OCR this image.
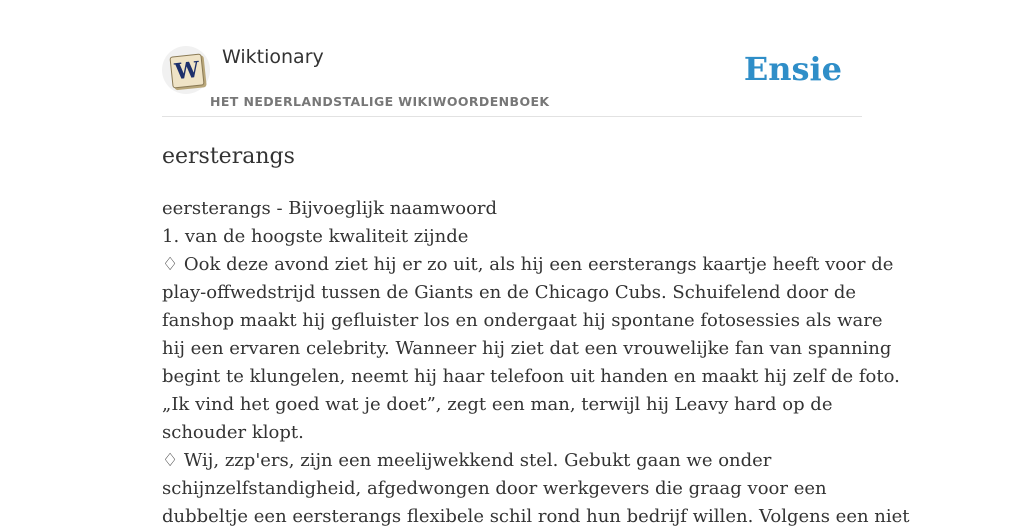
W Wiktionary
HET NEDERLANDSTALIGE WIKIWOORDENBOEK
Ensie
eersterangs
eersterangs - Bijvoeglijk naamwoord
1. van de hoogste kwaliteit zijnde
♢ Ook deze avond ziet hij er zo uit, als hij een eersterangs kaartje heeft voor de
play-offwedstrijd tussen de Giants en de Chicago Cubs. Schuifelend door de
fanshop maakt hij gefluister los en ondergaat hij spontane fotosessies als ware
hij een ervaren celebrity. Wanneer hij ziet dat een vrouwelijke fan van spanning
begint te klungelen, neemt hij haar telefoon uit handen en maakt hij zelf de foto.
„Ik vind het goed wat je doet”, zegt een man, terwijl hij Leavy hard op de
schouder klopt.
♢ Wij, zzp'ers, zijn een meelijwekkend stel. Gebukt gaan we onder
schijnzelfstandigheid, afgedwongen door werkgevers die graag voor een
dubbeltje een eersterangs flexibele schil rond hun bedrijf willen. Volgens een niet
